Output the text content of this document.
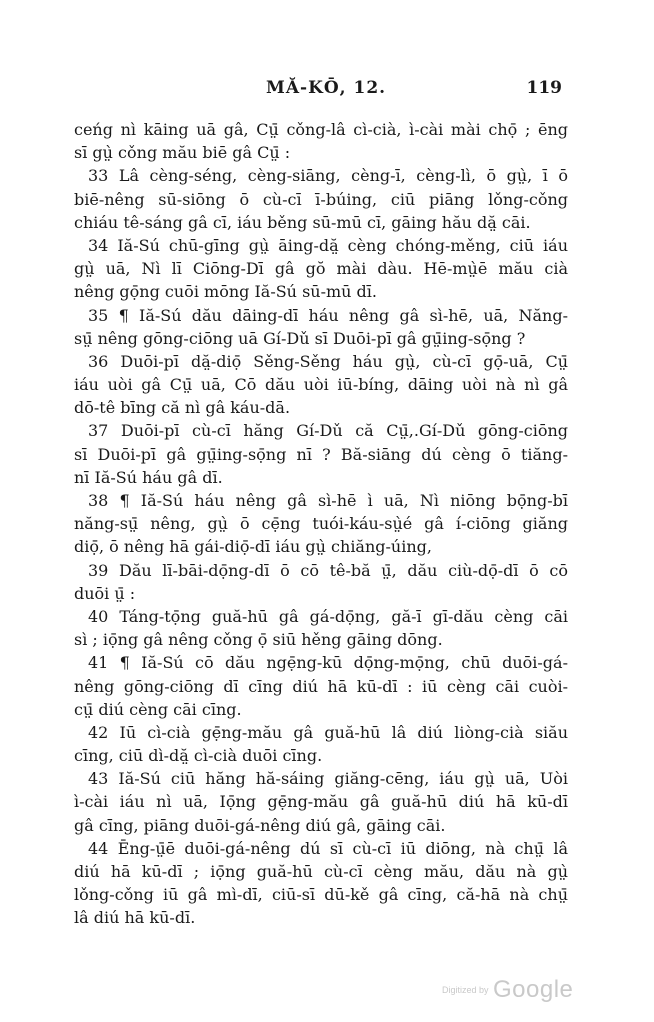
MĂ-KŌ, 12.	119
ceńg nì kāing uā gâ, Cṳ̄ cǒng-lâ cì-cià, ì-cài mài chọ̄ ; ēng
sī gṳ̀ cǒng mău biē gâ Cṳ̄ :
33 Lâ cèng-séng, cèng-siāng, cèng-ī, cèng-lì, ō gṳ̀, ī ō
biē-nêng sū-siōng ō cù-cī ī-búing, ciū piāng lǒng-cǒng
chiáu tê-sáng gâ cī, iáu běng sū-mū cī, gāing hău dă̤ cāi.
34 Iă-Sú chū-gīng gṳ̀ āing-dă̤ cèng chóng-měng, ciū iáu
gṳ̀ uā, Nì lī Ciōng-Dī gâ gŏ mài dàu. Hē-mṳ̀ē mău cià
nêng gọ̄ng cuōi mōng Iă-Sú sū-mū dī.
35 ¶ Iă-Sú dău dāing-dī háu nêng gâ sì-hē, uā, Năng-
sṳ̄ nêng gōng-ciōng uā Gí-Dǔ sī Duōi-pī gâ gṳ̄ing-sọ̄ng ?
36 Duōi-pī dă̤-diọ̄ Sěng-Sěng háu gṳ̀, cù-cī gọ̄-uā, Cṳ̄
iáu uòi gâ Cṳ̄ uā, Cō dău uòi iū-bíng, dāing uòi nà nì gâ
dō-tê bīng că nì gâ káu-dā.
37 Duōi-pī cù-cī hăng Gí-Dǔ că Cṳ̄,.Gí-Dǔ gōng-ciōng
sī Duōi-pī gâ gṳ̄ing-sọ̄ng nī ? Bă-siāng dú cèng ō tiăng-
nī Iă-Sú háu gâ dī.
38 ¶ Iă-Sú háu nêng gâ sì-hē ì uā, Nì niōng bọ̄ng-bī
năng-sṳ̄ nêng, gṳ̀ ō cẹ̄ng tuói-káu-sṳ̀é gâ í-ciōng giăng
diọ̄, ō nêng hā gái-diọ̄-dī iáu gṳ̀ chiăng-úing,
39 Dău lī-bāi-dọ̄ng-dī ō cō tê-bă ṳ̄, dău ciù-dọ̄-dī ō cō
duōi ṳ̄ :
40 Táng-tọ̄ng guă-hū gâ gá-dọ̄ng, gă-ī gī-dău cèng cāi
sì ; iọ̄ng gâ nêng cǒng ọ̄ siū hěng gāing dōng.
41 ¶ Iă-Sú cō dău ngẹ̄ng-kū dọ̄ng-mọ̄ng, chū duōi-gá-
nêng gōng-ciōng dī cīng diú hā kū-dī : iū cèng cāi cuòi-
cṳ̄ diú cèng cāi cīng.
42 Iū cì-cià gẹ̄ng-mău gâ guă-hū lâ diú liòng-cià siău
cīng, ciū dì-dă̤ cì-cià duōi cīng.
43 Iă-Sú ciū hăng hă-sáing giăng-cēng, iáu gṳ̀ uā, Uòi
ì-cài iáu nì uā, Iọ̄ng gẹ̄ng-mău gâ guă-hū diú hā kū-dī
gâ cīng, piāng duōi-gá-nêng diú gâ, gāing cāi.
44 Ēng-ṳ̄ē duōi-gá-nêng dú sī cù-cī iū diōng, nà chṳ̄ lâ
diú hā kū-dī ; iọ̄ng guă-hū cù-cī cèng mău, dău nà gṳ̀
lǒng-cǒng iū gâ mì-dī, ciū-sī dū-kě gâ cīng, că-hā nà chṳ̄
lâ diú hā kū-dī.
Digitized by Google
